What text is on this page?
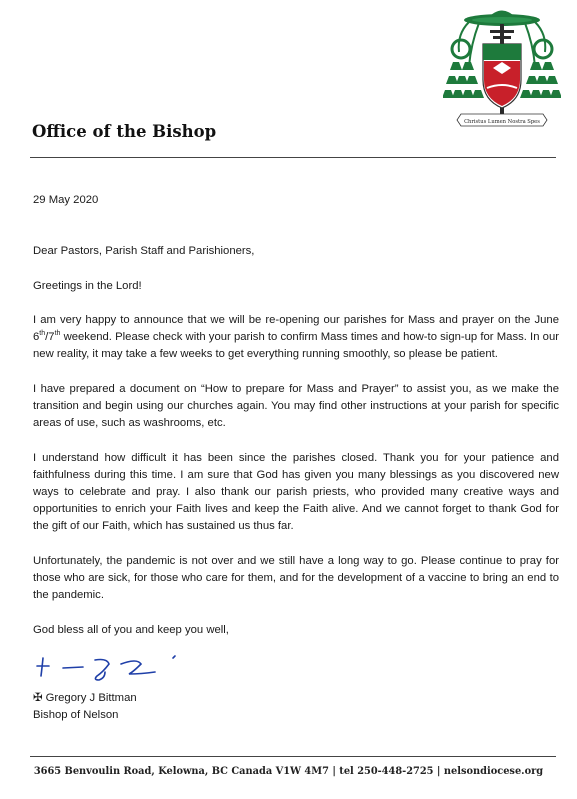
Christus Lumen Nostra Spes
Office of the Bishop

29 May 2020

Dear Pastors, Parish Staff and Parishioners,

Greetings in the Lord!

I am very happy to announce that we will be re-opening our parishes for Mass and prayer on the June 6th/7th weekend. Please check with your parish to confirm Mass times and how-to sign-up for Mass. In our new reality, it may take a few weeks to get everything running smoothly, so please be patient.

I have prepared a document on “How to prepare for Mass and Prayer” to assist you, as we make the transition and begin using our churches again. You may find other instructions at your parish for specific areas of use, such as washrooms, etc.

I understand how difficult it has been since the parishes closed. Thank you for your patience and faithfulness during this time. I am sure that God has given you many blessings as you discovered new ways to celebrate and pray. I also thank our parish priests, who provided many creative ways and opportunities to enrich your Faith lives and keep the Faith alive. And we cannot forget to thank God for the gift of our Faith, which has sustained us thus far.

Unfortunately, the pandemic is not over and we still have a long way to go. Please continue to pray for those who are sick, for those who care for them, and for the development of a vaccine to bring an end to the pandemic.

God bless all of you and keep you well,

✠ Gregory J Bittman
Bishop of Nelson
3665 Benvoulin Road, Kelowna, BC Canada V1W 4M7 | tel 250-448-2725 | nelsondiocese.org
